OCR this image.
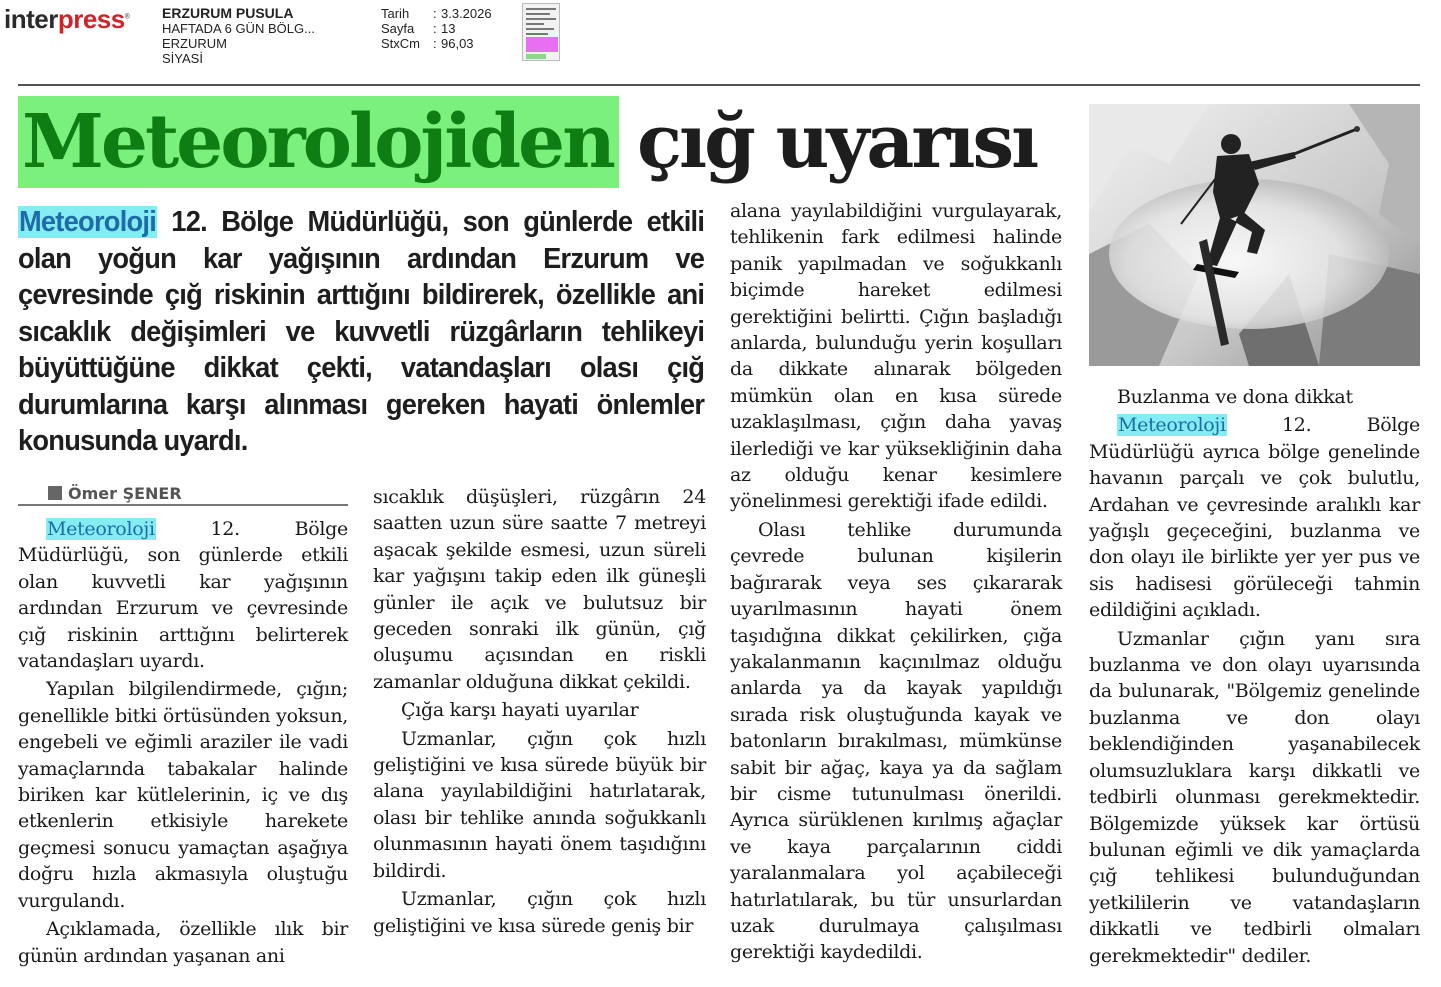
interpress® ERZURUM PUSULA
HAFTADA 6 GÜN BÖLG...
ERZURUM
SİYASİ
Tarih	: 3.3.2026
Sayfa	: 13
StxCm	: 96,03
Meteorolojiden çığ uyarısı
Meteoroloji 12. Bölge Müdürlüğü, son günlerde etkili olan yoğun kar yağışının ardından Erzurum ve çevresinde çığ riskinin arttığını bildirerek, özellikle ani sıcaklık değişimleri ve kuvvetli rüzgârların tehlikeyi büyüttüğüne dikkat çekti, vatandaşları olası çığ durumlarına karşı alınması gereken hayati önlemler konusunda uyardı.
Ömer ŞENER

Meteoroloji 12. Bölge Müdürlüğü, son günlerde etkili olan kuvvetli kar yağışının ardından Erzurum ve çevresinde çığ riskinin arttığını belirterek vatandaşları uyardı.

Yapılan bilgilendirmede, çığın; genellikle bitki örtüsünden yoksun, engebeli ve eğimli araziler ile vadi yamaçlarında tabakalar halinde biriken kar kütlelerinin, iç ve dış etkenlerin etkisiyle harekete geçmesi sonucu yamaçtan aşağıya doğru hızla akmasıyla oluştuğu vurgulandı.

Açıklamada, özellikle ılık bir günün ardından yaşanan ani

sıcaklık düşüşleri, rüzgârın 24 saatten uzun süre saatte 7 metreyi aşacak şekilde esmesi, uzun süreli kar yağışını takip eden ilk güneşli günler ile açık ve bulutsuz bir geceden sonraki ilk günün, çığ oluşumu açısından en riskli zamanlar olduğuna dikkat çekildi.

Çığa karşı hayati uyarılar

Uzmanlar, çığın çok hızlı geliştiğini ve kısa sürede büyük bir alana yayılabildiğini hatırlatarak, olası bir tehlike anında soğukkanlı olunmasının hayati önem taşıdığını bildirdi.

Uzmanlar, çığın çok hızlı geliştiğini ve kısa sürede geniş bir

alana yayılabildiğini vurgulayarak, tehlikenin fark edilmesi halinde panik yapılmadan ve soğukkanlı biçimde hareket edilmesi gerektiğini belirtti. Çığın başladığı anlarda, bulunduğu yerin koşulları da dikkate alınarak bölgeden mümkün olan en kısa sürede uzaklaşılması, çığın daha yavaş ilerlediği ve kar yüksekliğinin daha az olduğu kenar kesimlere yönelinmesi gerektiği ifade edildi.

Olası tehlike durumunda çevrede bulunan kişilerin bağırarak veya ses çıkararak uyarılmasının hayati önem taşıdığına dikkat çekilirken, çığa yakalanmanın kaçınılmaz olduğu anlarda ya da kayak yapıldığı sırada risk oluştuğunda kayak ve batonların bırakılması, mümkünse sabit bir ağaç, kaya ya da sağlam bir cisme tutunulması önerildi. Ayrıca sürüklenen kırılmış ağaçlar ve kaya parçalarının ciddi yaralanmalara yol açabileceği hatırlatılarak, bu tür unsurlardan uzak durulmaya çalışılması gerektiği kaydedildi.

Buzlanma ve dona dikkat

Meteoroloji 12. Bölge Müdürlüğü ayrıca bölge genelinde havanın parçalı ve çok bulutlu, Ardahan ve çevresinde aralıklı kar yağışlı geçeceğini, buzlanma ve don olayı ile birlikte yer yer pus ve sis hadisesi görüleceği tahmin edildiğini açıkladı.

Uzmanlar çığın yanı sıra buzlanma ve don olayı uyarısında da bulunarak, "Bölgemiz genelinde buzlanma ve don olayı beklendiğinden yaşanabilecek olumsuzluklara karşı dikkatli ve tedbirli olunması gerekmektedir. Bölgemizde yüksek kar örtüsü bulunan eğimli ve dik yamaçlarda çığ tehlikesi bulunduğundan yetkililerin ve vatandaşların dikkatli ve tedbirli olmaları gerekmektedir" dediler.
